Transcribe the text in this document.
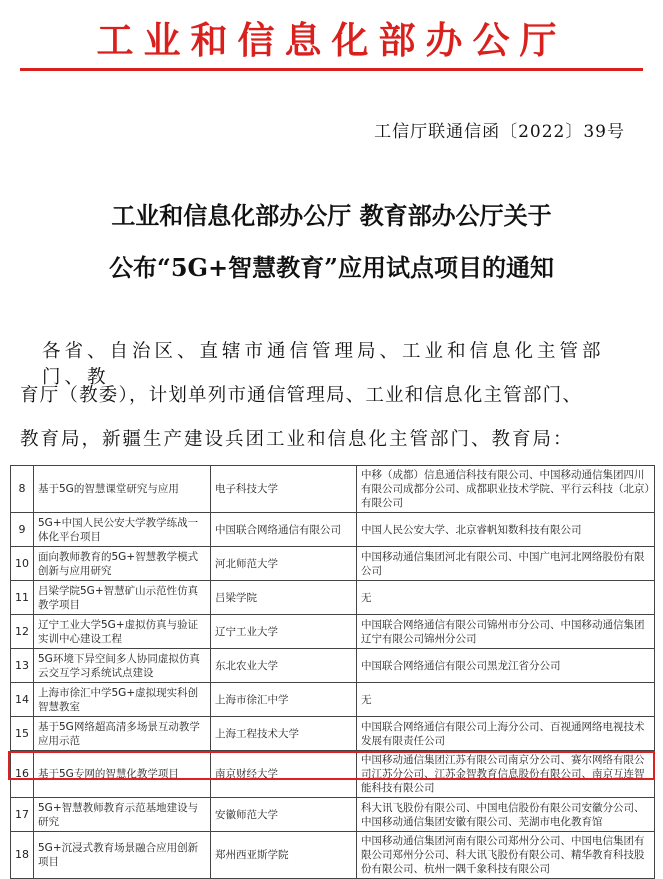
工业和信息化部办公厅
工信厅联通信函〔2022〕39号
工业和信息化部办公厅 教育部办公厅关于
公布“5G+智慧教育”应用试点项目的通知
各省、自治区、直辖市通信管理局、工业和信息化主管部门、教
育厅（教委），计划单列市通信管理局、工业和信息化主管部门、
教育局，新疆生产建设兵团工业和信息化主管部门、教育局：
8	基于5G的智慧课堂研究与应用	电子科技大学	中移（成都）信息通信科技有限公司、中国移动通信集团四川有限公司成都分公司、成都职业技术学院、平行云科技（北京）有限公司
9	5G+中国人民公安大学教学练战一体化平台项目	中国联合网络通信有限公司	中国人民公安大学、北京睿帆知数科技有限公司
10	面向教师教育的5G+智慧教学模式创新与应用研究	河北师范大学	中国移动通信集团河北有限公司、中国广电河北网络股份有限公司
11	吕梁学院5G+智慧矿山示范性仿真教学项目	吕梁学院	无
12	辽宁工业大学5G+虚拟仿真与验证实训中心建设工程	辽宁工业大学	中国联合网络通信有限公司锦州市分公司、中国移动通信集团辽宁有限公司锦州分公司
13	5G环境下异空间多人协同虚拟仿真云交互学习系统试点建设	东北农业大学	中国联合网络通信有限公司黑龙江省分公司
14	上海市徐汇中学5G+虚拟现实科创智慧教室	上海市徐汇中学	无
15	基于5G网络超高清多场景互动教学应用示范	上海工程技术大学	中国联合网络通信有限公司上海分公司、百视通网络电视技术发展有限责任公司
16	基于5G专网的智慧化教学项目	南京财经大学	中国移动通信集团江苏有限公司南京分公司、赛尔网络有限公司江苏分公司、江苏金智教育信息股份有限公司、南京互连智能科技有限公司
17	5G+智慧教师教育示范基地建设与研究	安徽师范大学	科大讯飞股份有限公司、中国电信股份有限公司安徽分公司、中国移动通信集团安徽有限公司、芜湖市电化教育馆
18	5G+沉浸式教育场景融合应用创新项目	郑州西亚斯学院	中国移动通信集团河南有限公司郑州分公司、中国电信集团有限公司郑州分公司、科大讯飞股份有限公司、精华教育科技股份有限公司、杭州一隅千象科技有限公司
